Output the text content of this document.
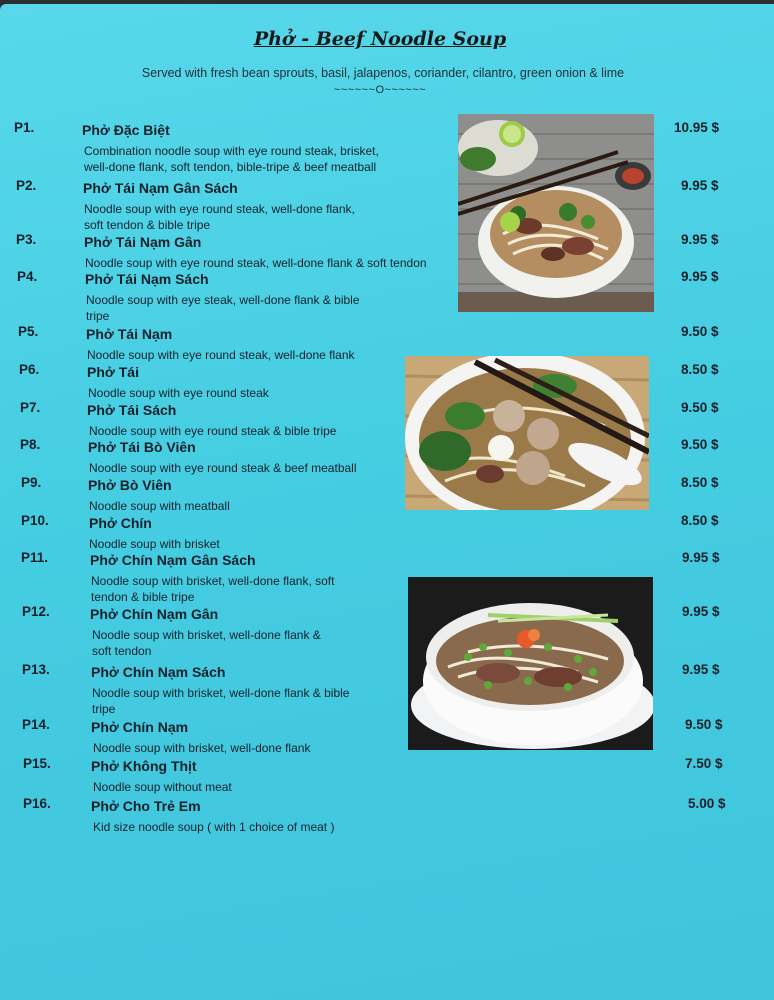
Phở - Beef Noodle Soup
Served with fresh bean sprouts, basil, jalapenos, coriander, cilantro, green onion & lime
~~~~~~O~~~~~~
P1.	Phở Đặc Biệt
Combination noodle soup with eye round steak, brisket,
well-done flank, soft tendon, bible-tripe & beef meatball
10.95 $
P2.	Phở Tái Nạm Gân Sách
Noodle soup with eye round steak, well-done flank,
soft tendon & bible tripe
9.95 $
P3.	Phở Tái Nạm Gân
Noodle soup with eye round steak, well-done flank & soft tendon
9.95 $
P4.	Phở Tái Nạm Sách
Noodle soup with eye steak, well-done flank & bible
tripe
9.95 $
P5.	Phở Tái Nạm
Noodle soup with eye round steak, well-done flank
9.50 $
P6.	Phở Tái
Noodle soup with eye round steak
8.50 $
P7.	Phở Tái Sách
Noodle soup with eye round steak & bible tripe
9.50 $
P8.	Phở Tái Bò Viên
Noodle soup with eye round steak & beef meatball
9.50 $
P9.	Phở Bò Viên
Noodle soup with meatball
8.50 $
P10.	Phở Chín
Noodle soup with brisket
8.50 $
P11.	Phở Chín Nạm Gân Sách
Noodle soup with brisket, well-done flank, soft
tendon & bible tripe
9.95 $
P12.	Phở Chín Nạm Gân
Noodle soup with brisket, well-done flank &
soft tendon
9.95 $
P13.	Phở Chín Nạm Sách
Noodle soup with brisket, well-done flank & bible
tripe
9.95 $
P14.	Phở Chín Nạm
Noodle soup with brisket, well-done flank
9.50 $
P15.	Phở Không Thịt
Noodle soup without meat
7.50 $
P16.	Phở Cho Trẻ Em
Kid size noodle soup ( with 1 choice of meat )
5.00 $
